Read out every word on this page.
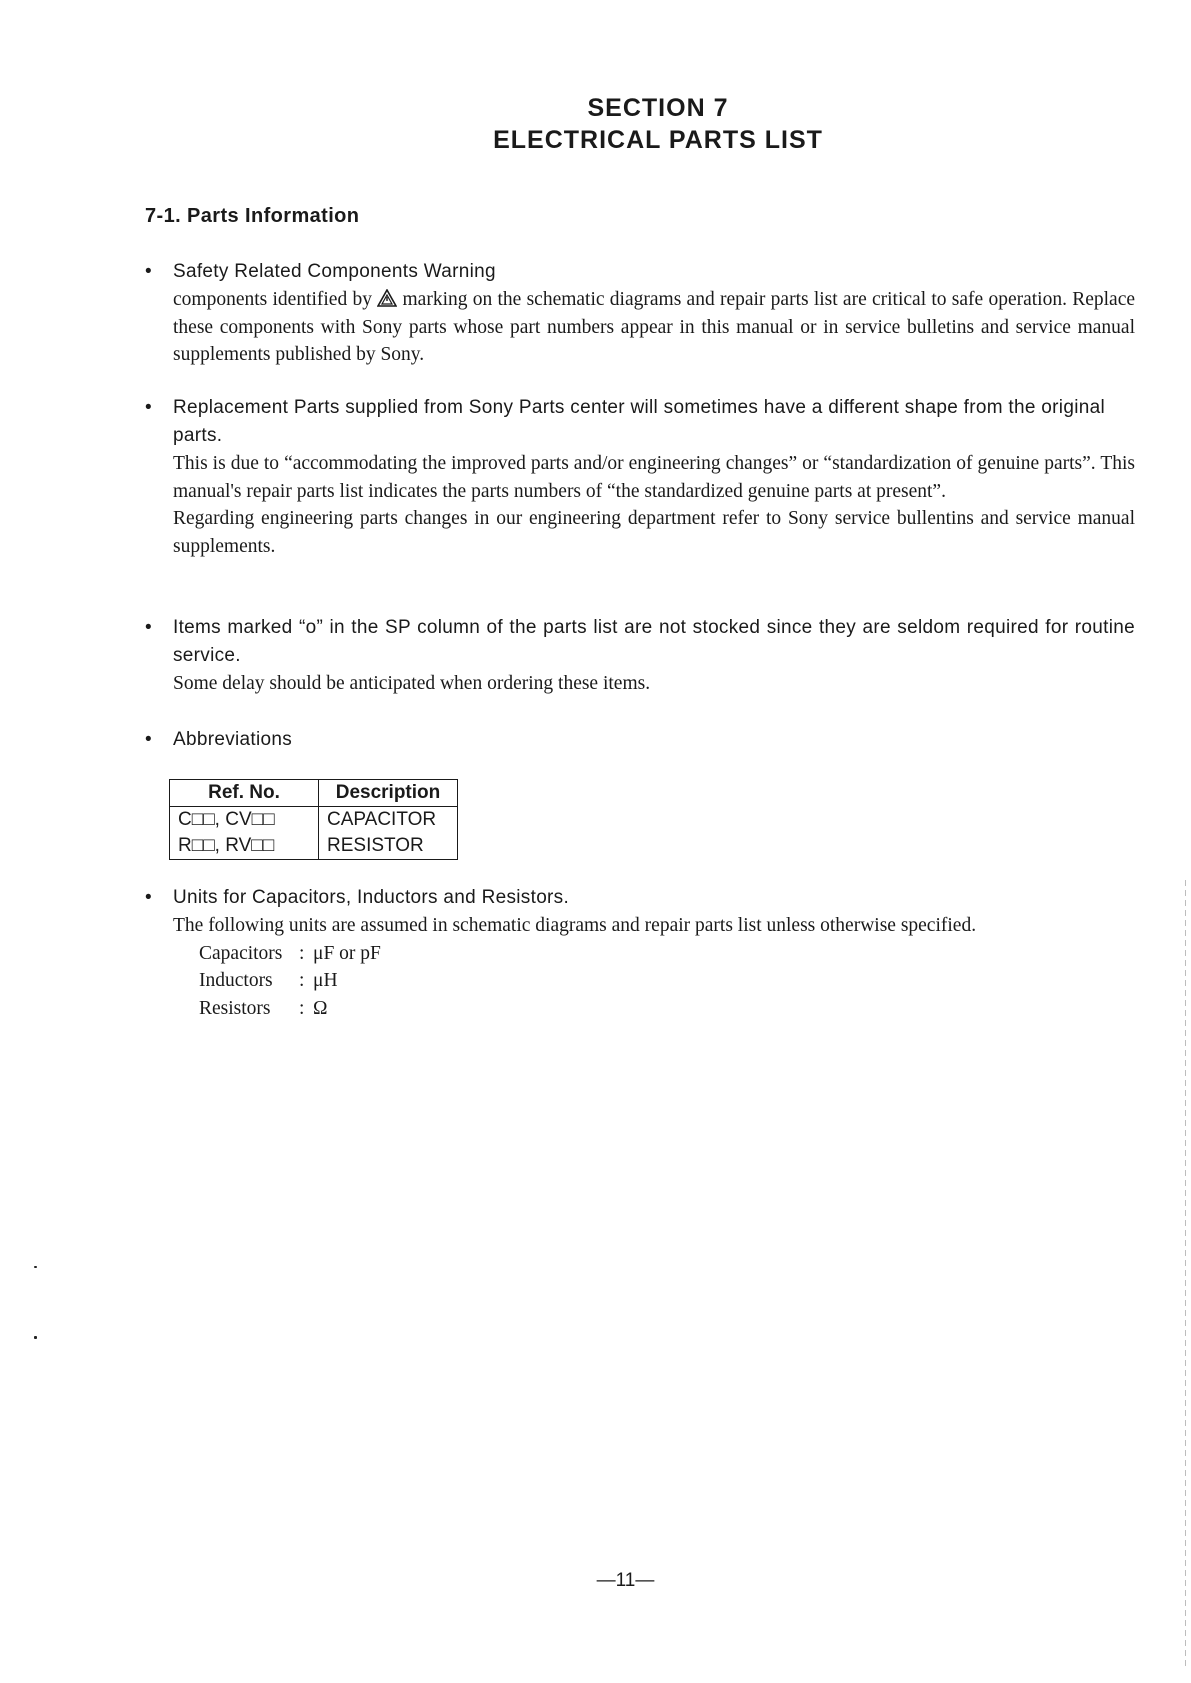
SECTION 7
ELECTRICAL PARTS LIST
7-1. Parts Information
• Safety Related Components Warning
components identified by marking on the schematic diagrams and repair parts list are critical to safe operation. Replace these components with Sony parts whose part numbers appear in this manual or in service bulletins and service manual supplements published by Sony.
• Replacement Parts supplied from Sony Parts center will sometimes have a different shape from the original parts.
This is due to “accommodating the improved parts and/or engineering changes” or “standardization of genuine parts”. This manual's repair parts list indicates the parts numbers of “the standardized genuine parts at present”.
Regarding engineering parts changes in our engineering department refer to Sony service bullentins and service manual supplements.
• Items marked “o” in the SP column of the parts list are not stocked since they are seldom required for routine service.
Some delay should be anticipated when ordering these items.
• Abbreviations
Ref. No.	Description
C□□, CV□□	CAPACITOR
R□□, RV□□	RESISTOR
• Units for Capacitors, Inductors and Resistors.
The following units are assumed in schematic diagrams and repair parts list unless otherwise specified.
Capacitors : μF or pF
Inductors	: μH
Resistors	: Ω
—11—
